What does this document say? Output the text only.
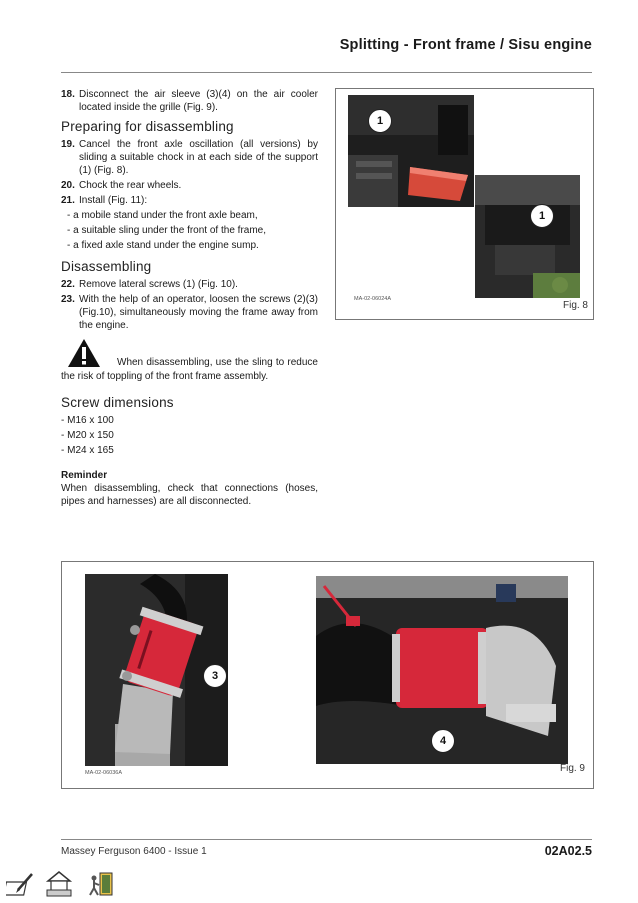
Splitting - Front frame / Sisu engine
18. Disconnect the air sleeve (3)(4) on the air cooler located inside the grille (Fig. 9).
Preparing for disassembling
19. Cancel the front axle oscillation (all versions) by sliding a suitable chock in at each side of the support (1) (Fig. 8).
20. Chock the rear wheels.
21. Install (Fig. 11):
- a mobile stand under the front axle beam,
- a suitable sling under the front of the frame,
- a fixed axle stand under the engine sump.
Disassembling
22. Remove lateral screws (1) (Fig. 10).
23. With the help of an operator, loosen the screws (2)(3) (Fig.10), simultaneously moving the frame away from the engine.

When disassembling, use the sling to reduce the risk of toppling of the front frame assembly.

Screw dimensions
- M16 x 100
- M20 x 150
- M24 x 165
Reminder
When disassembling, check that connections (hoses, pipes and harnesses) are all disconnected.
1
1
MA-02-06024A
Fig. 8
3
4
MA-02-06036A	Fig. 9
Massey Ferguson 6400 - Issue 1	02A02.5
